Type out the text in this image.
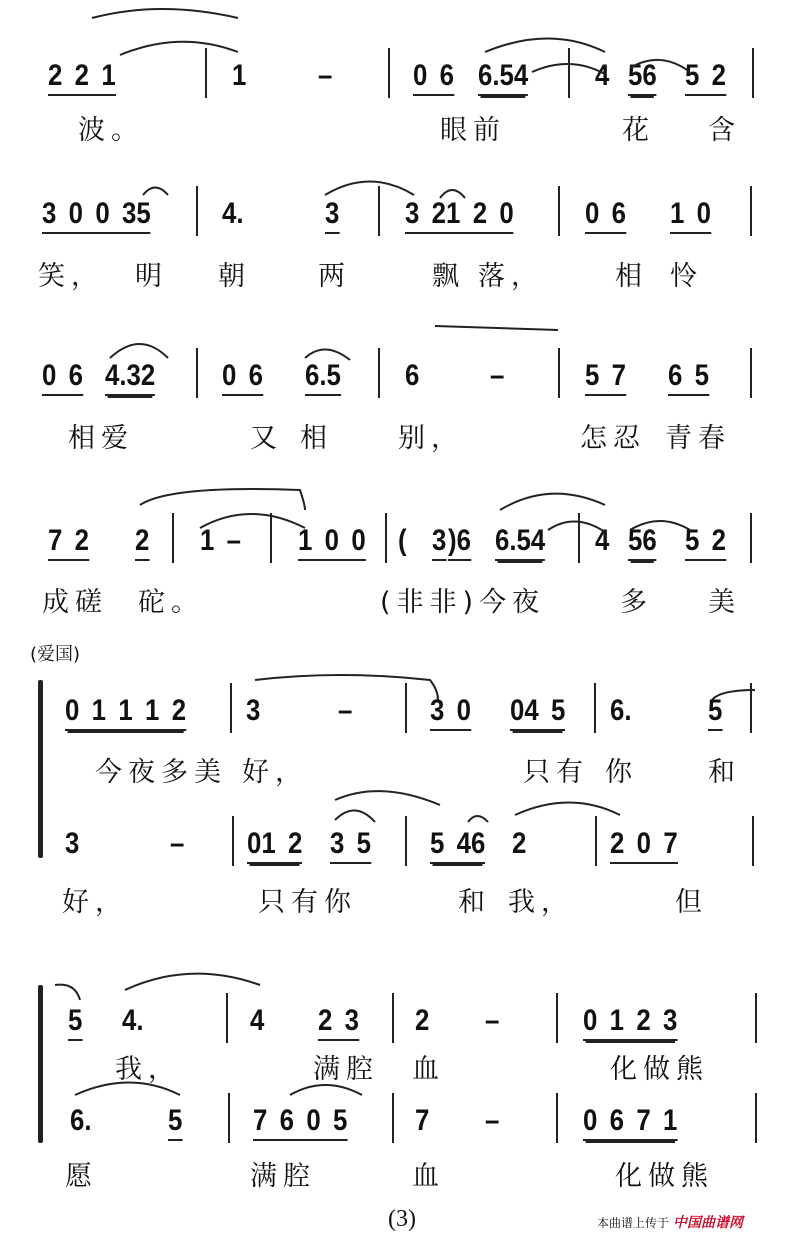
2 2 1	1 –	0 6 6.54 4 56 5 2
波。	眼前	花 含
3 0 0 35 4.	3 3 21 2 0 0 6 1 0
笑， 明 朝 两	飘 落，	相 怜
0 6 4.32 0 6 6.5 6 –	5 7 6 5
相爱	又 相 别，	怎忍 青春
7 2 2 1 – 1 0 0 ( 3 )6 6.54 4 56 5 2
成磋 砣。	(非非)今夜	多 美
0 1 1 1 2 3	–	3 0 04 5 6.	5
今夜多美 好，	只有 你	和
3	– 01 2 3 5 5 46 2	2 0 7
好，	只有你	和 我，	但
5 4.	4 2 3 2 –	0 1 2 3
我，	满腔 血	化做熊
6.	5 7 6 0 5 7 –	0 6 7 1
愿	满腔	血	化做熊
(爱国)
(3)	本曲谱上传于 中国曲谱网
